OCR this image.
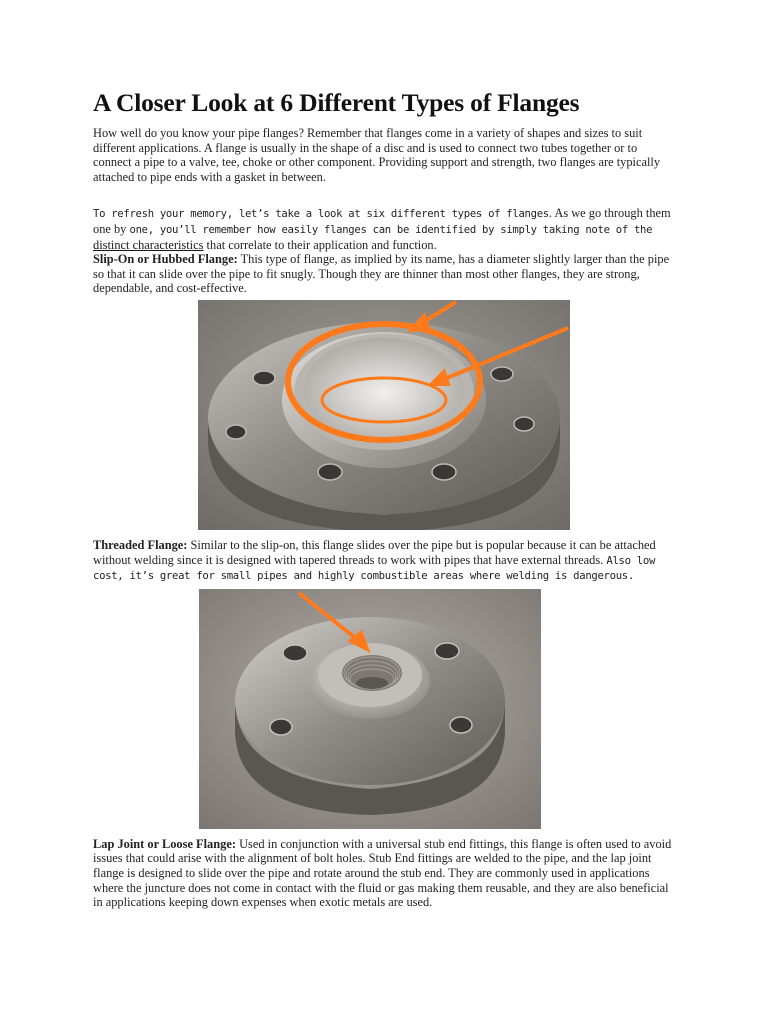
A Closer Look at 6 Different Types of Flanges

How well do you know your pipe flanges? Remember that flanges come in a variety of shapes and sizes to suit different applications. A flange is usually in the shape of a disc and is used to connect two tubes together or to connect a pipe to a valve, tee, choke or other component. Providing support and strength, two flanges are typically attached to pipe ends with a gasket in between.

To refresh your memory, let’s take a look at six different types of flanges. As we go through them one by one, you’ll remember how easily flanges can be identified by simply taking note of the distinct characteristics that correlate to their application and function.

Slip-On or Hubbed Flange: This type of flange, as implied by its name, has a diameter slightly larger than the pipe so that it can slide over the pipe to fit snugly. Though they are thinner than most other flanges, they are strong, dependable, and cost-effective.

Threaded Flange: Similar to the slip-on, this flange slides over the pipe but is popular because it can be attached without welding since it is designed with tapered threads to work with pipes that have external threads. Also low cost, it’s great for small pipes and highly combustible areas where welding is dangerous.

Lap Joint or Loose Flange: Used in conjunction with a universal stub end fittings, this flange is often used to avoid issues that could arise with the alignment of bolt holes. Stub End fittings are welded to the pipe, and the lap joint flange is designed to slide over the pipe and rotate around the stub end. They are commonly used in applications where the juncture does not come in contact with the fluid or gas making them reusable, and they are also beneficial in applications keeping down expenses when exotic metals are used.
